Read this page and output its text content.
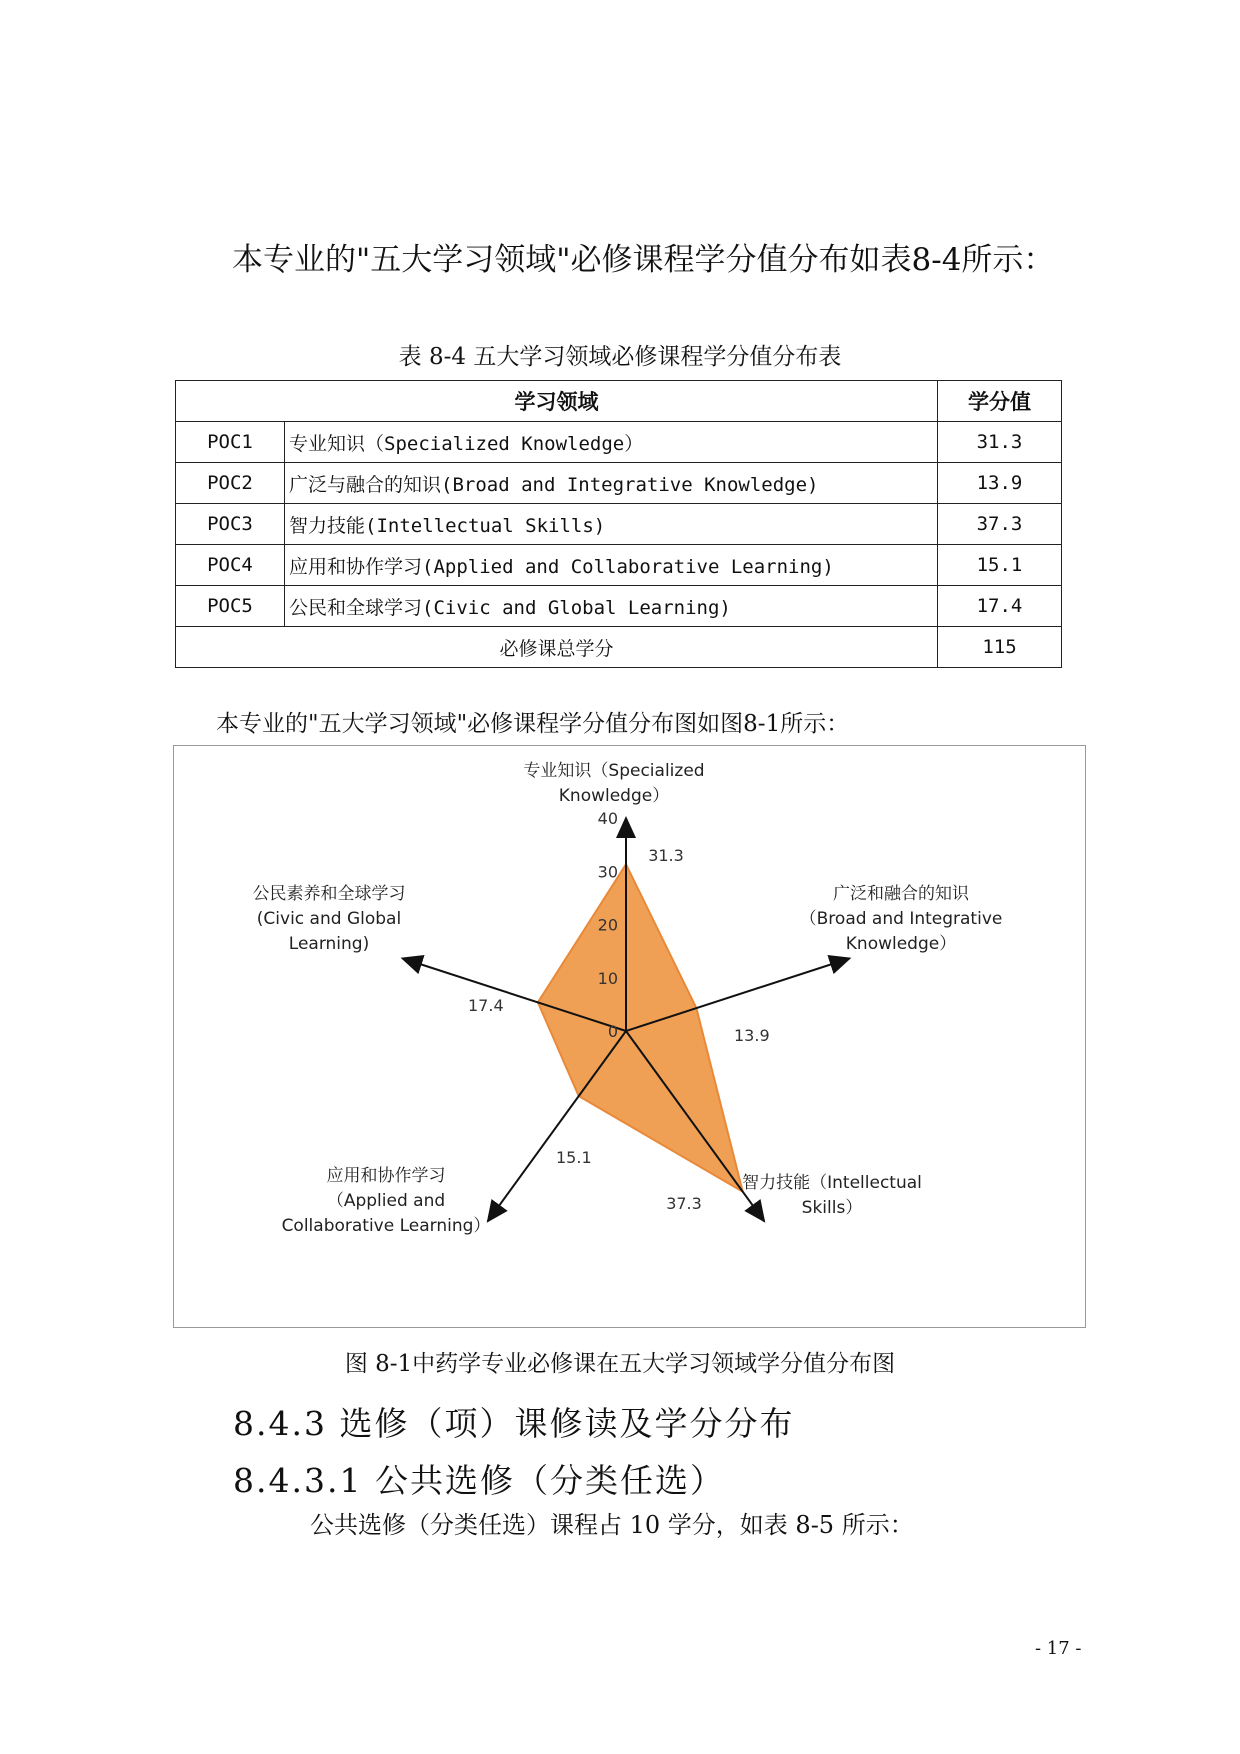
本专业的"五大学习领域"必修课程学分值分布如表8-4所示：

表 8-4 五大学习领域必修课程学分值分布表

学习领域		学分值
POC1	专业知识（Specialized Knowledge）	31.3
POC2	广泛与融合的知识(Broad and Integrative Knowledge)	13.9
POC3	智力技能(Intellectual Skills)	37.3
POC4	应用和协作学习(Applied and Collaborative Learning)	15.1
POC5	公民和全球学习(Civic and Global Learning)	17.4
必修课总学分		115

本专业的"五大学习领域"必修课程学分值分布图如图8-1所示：

0
10
20
30
40
31.3
13.9
37.3
15.1
17.4
专业知识（Specialized Knowledge）
广泛和融合的知识（Broad and Integrative Knowledge）
智力技能（Intellectual Skills）
应用和协作学习（Applied and Collaborative Learning）
公民素养和全球学习(Civic and Global Learning)

图 8-1中药学专业必修课在五大学习领域学分值分布图

8.4.3 选修（项）课修读及学分分布
8.4.3.1 公共选修（分类任选）

公共选修（分类任选）课程占 10 学分，如表 8-5 所示：

- 17 -
